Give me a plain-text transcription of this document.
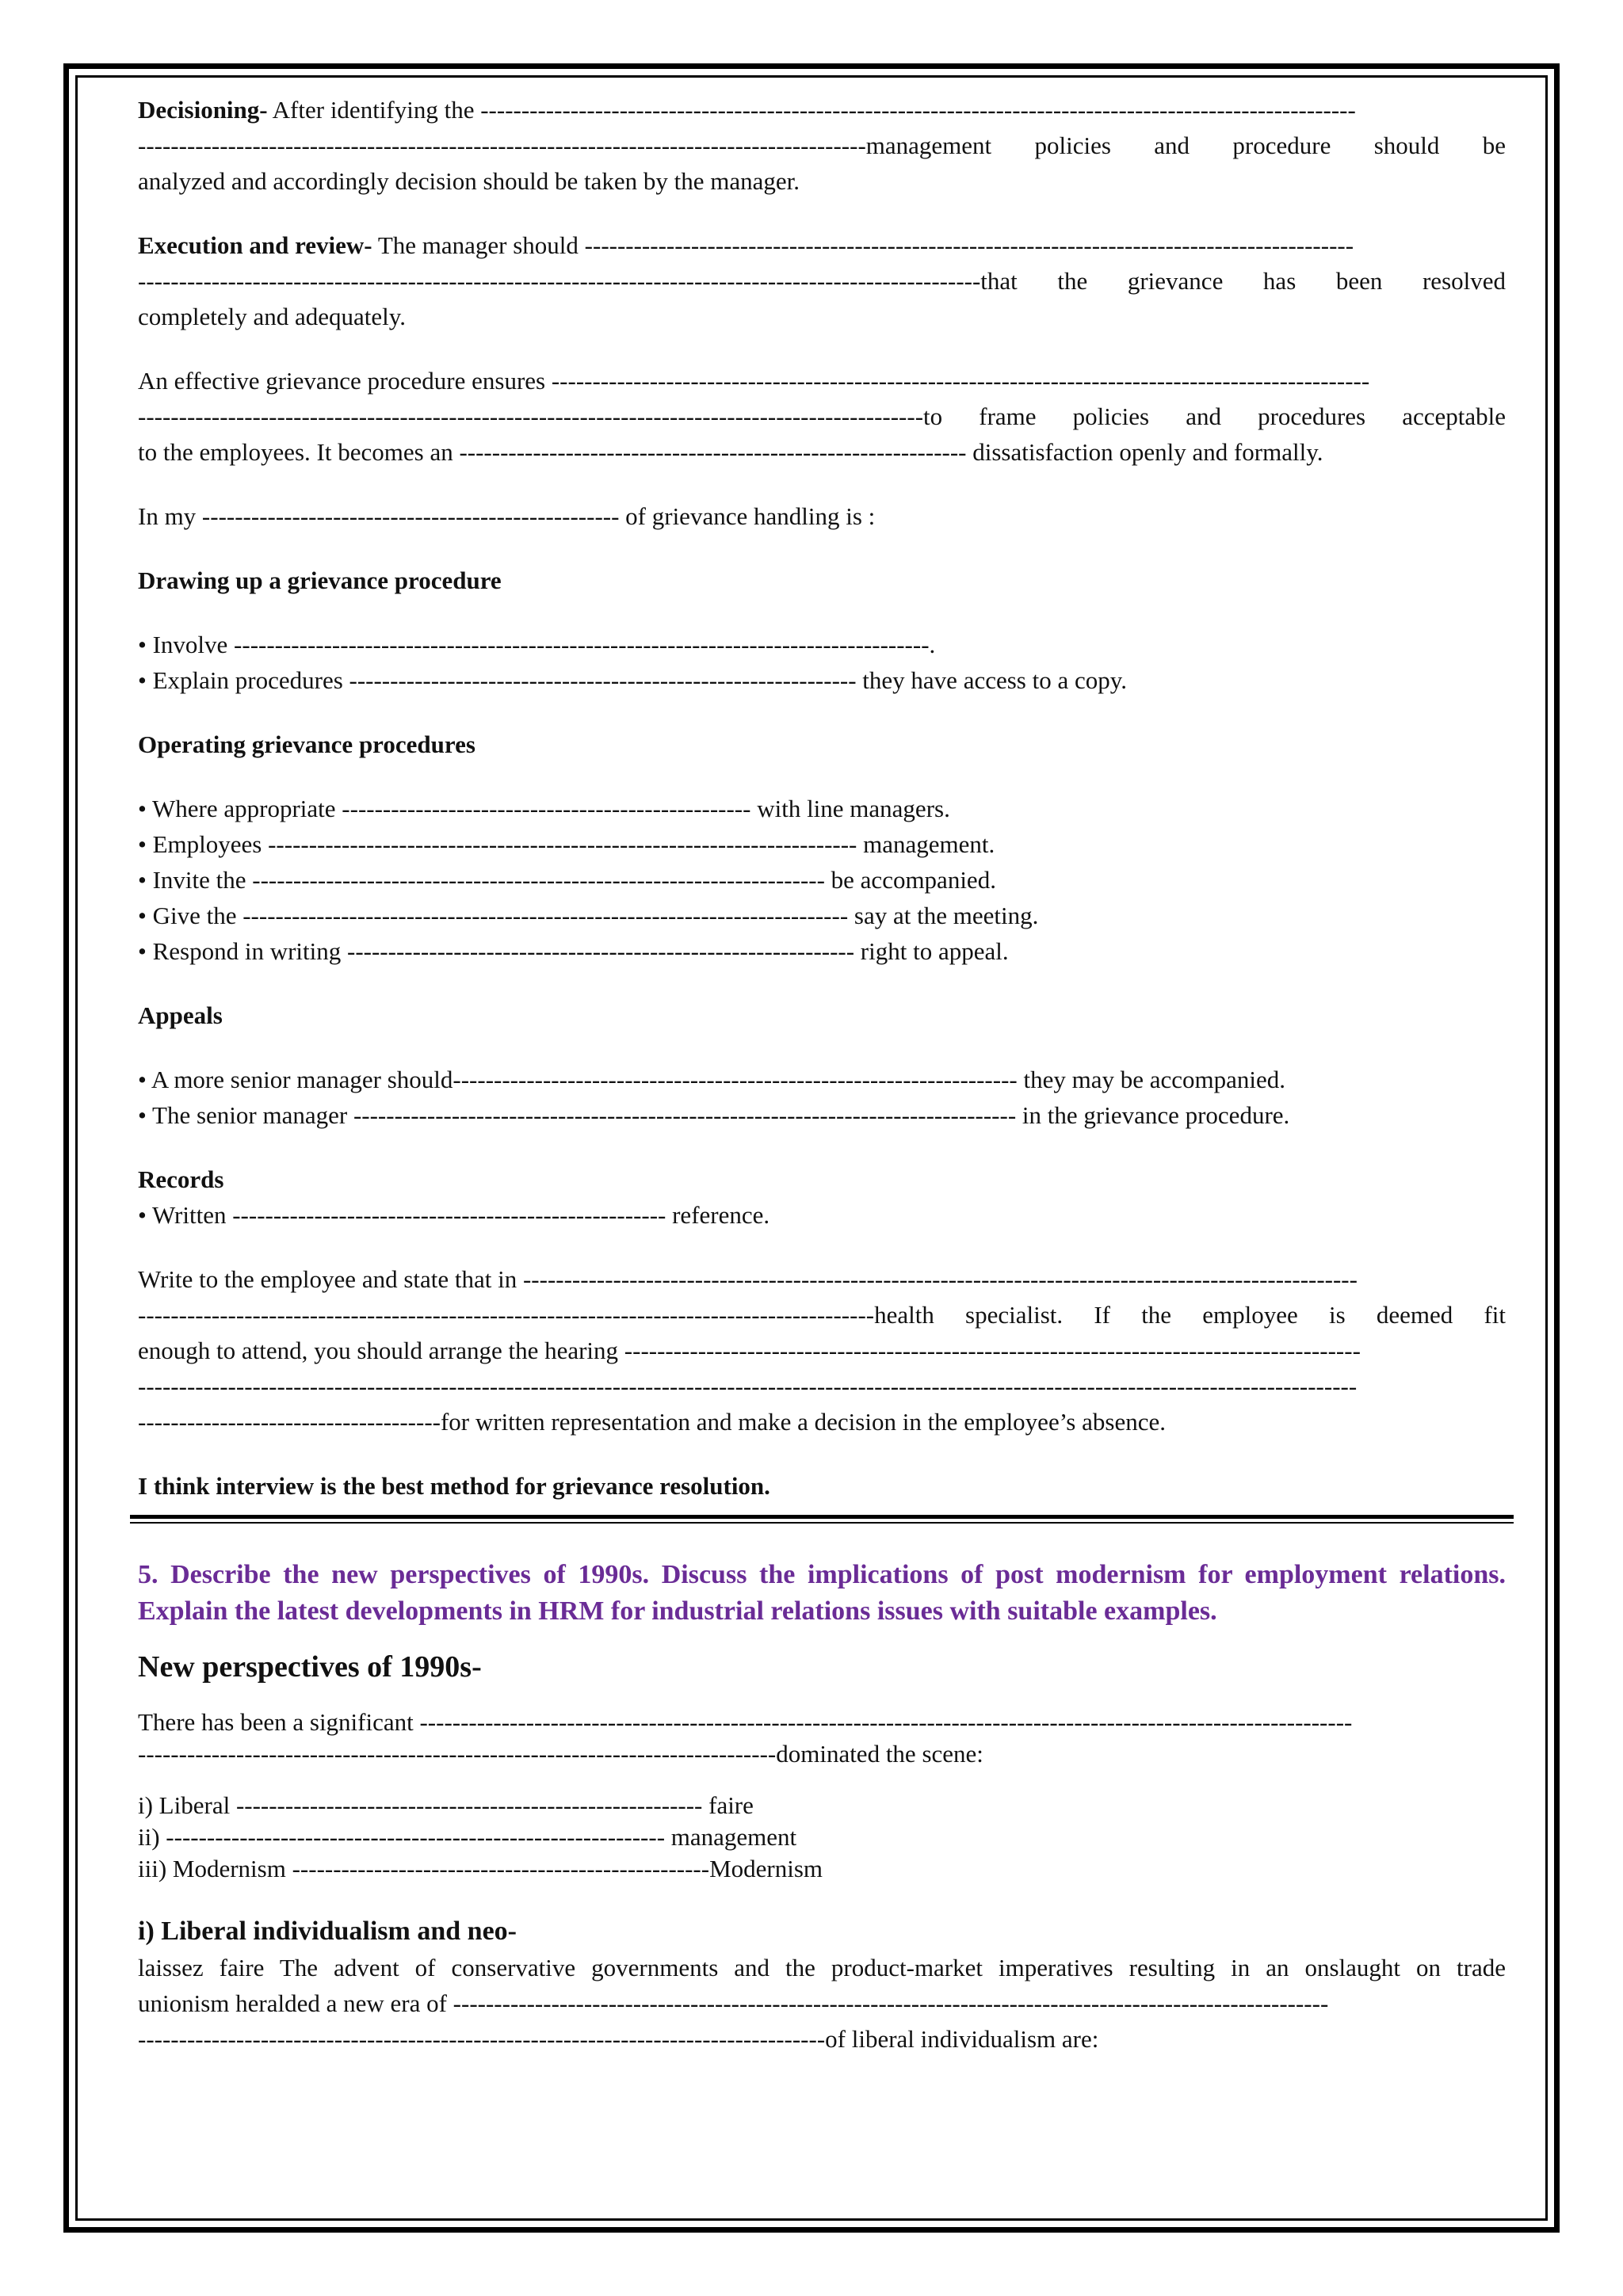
Decisioning- After identifying the -----------------------------------------------------------------------------------------------------------

-----------------------------------------------------------------------------------------management policies and procedure should be

analyzed and accordingly decision should be taken by the manager.

Execution and review- The manager should ----------------------------------------------------------------------------------------------

-------------------------------------------------------------------------------------------------------that the grievance has been resolved

completely and adequately.

An effective grievance procedure ensures ----------------------------------------------------------------------------------------------------

------------------------------------------------------------------------------------------------to frame policies and procedures acceptable

to the employees. It becomes an -------------------------------------------------------------- dissatisfaction openly and formally.

In my --------------------------------------------------- of grievance handling is :

Drawing up a grievance procedure

• Involve -------------------------------------------------------------------------------------.
• Explain procedures -------------------------------------------------------------- they have access to a copy.

Operating grievance procedures

• Where appropriate -------------------------------------------------- with line managers.
• Employees ------------------------------------------------------------------------ management.
• Invite the ---------------------------------------------------------------------- be accompanied.
• Give the -------------------------------------------------------------------------- say at the meeting.
• Respond in writing -------------------------------------------------------------- right to appeal.

Appeals

• A more senior manager should--------------------------------------------------------------------- they may be accompanied.
• The senior manager --------------------------------------------------------------------------------- in the grievance procedure.

Records

• Written ----------------------------------------------------- reference.

Write to the employee and state that in ------------------------------------------------------------------------------------------------------

------------------------------------------------------------------------------------------health specialist. If the employee is deemed fit

enough to attend, you should arrange the hearing ------------------------------------------------------------------------------------------

-----------------------------------------------------------------------------------------------------------------------------------------------------

-------------------------------------for written representation and make a decision in the employee’s absence.

I think interview is the best method for grievance resolution.

5. Describe the new perspectives of 1990s. Discuss the implications of post modernism for employment relations. Explain the latest developments in HRM for industrial relations issues with suitable examples.

New perspectives of 1990s-

There has been a significant ------------------------------------------------------------------------------------------------------------------

------------------------------------------------------------------------------dominated the scene:

i) Liberal --------------------------------------------------------- faire
ii) ------------------------------------------------------------- management
iii) Modernism ---------------------------------------------------Modernism

i) Liberal individualism and neo-

laissez faire The advent of conservative governments and the product-market imperatives resulting in an onslaught on trade

unionism heralded a new era of -----------------------------------------------------------------------------------------------------------

------------------------------------------------------------------------------------of liberal individualism are:
